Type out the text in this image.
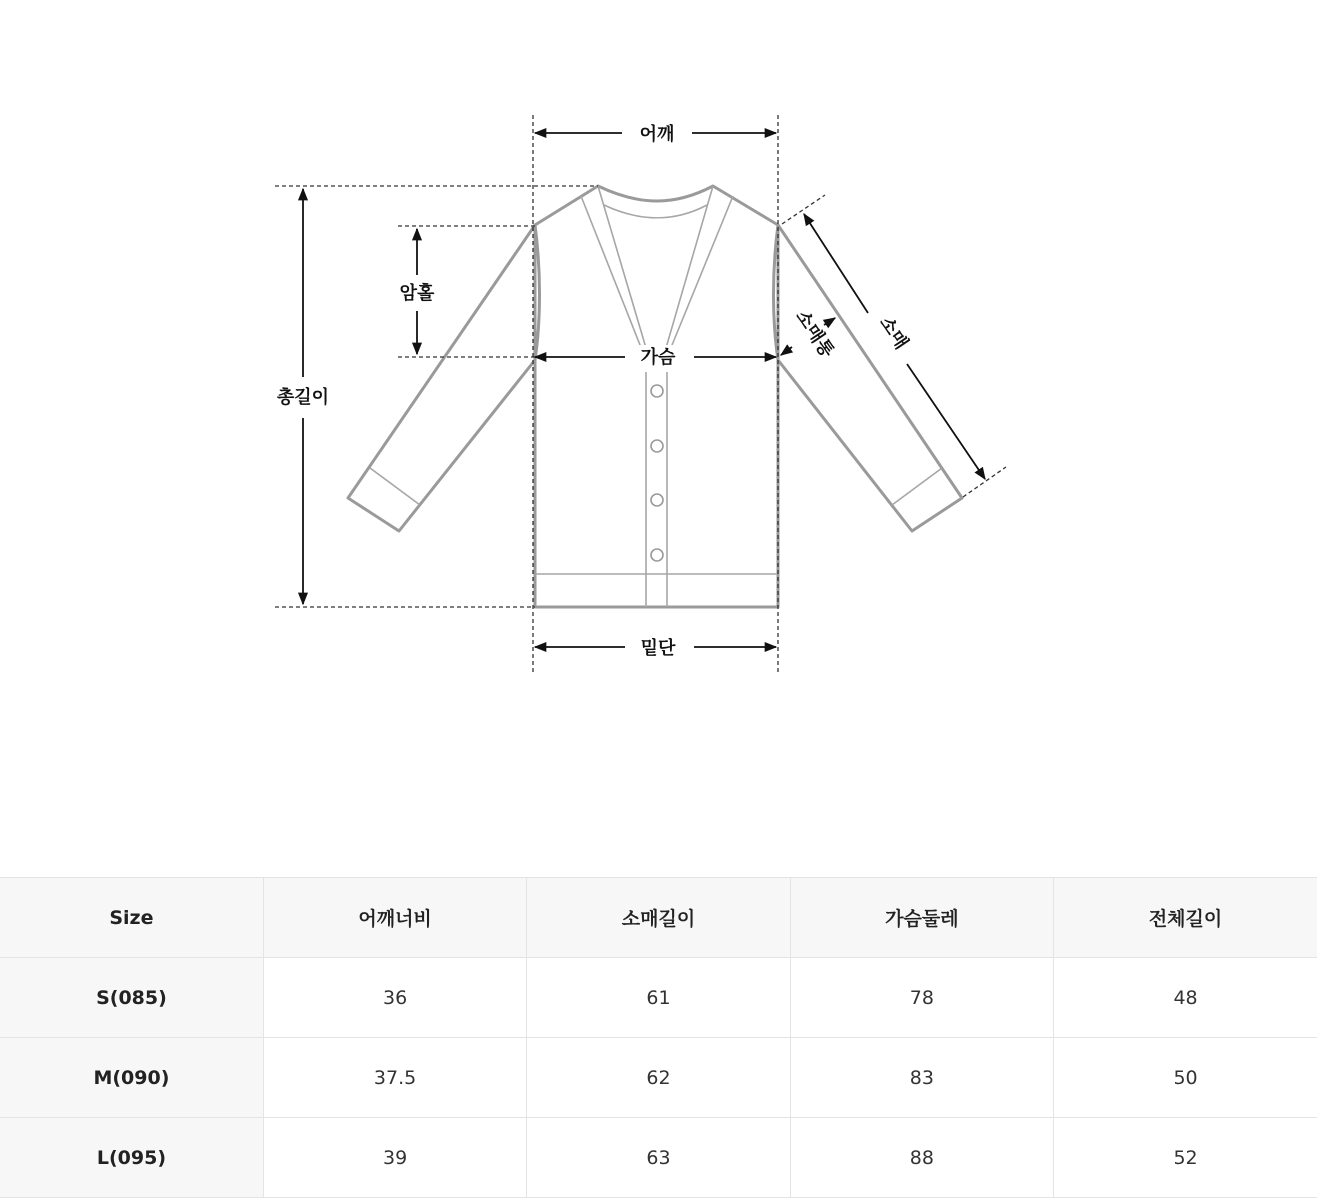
어깨
밑단
가슴
총길이
암홀
소매
소매통
Size	어깨너비	소매길이	가슴둘레	전체길이
S(085)	36	61	78	48
M(090)	37.5	62	83	50
L(095)	39	63	88	52
